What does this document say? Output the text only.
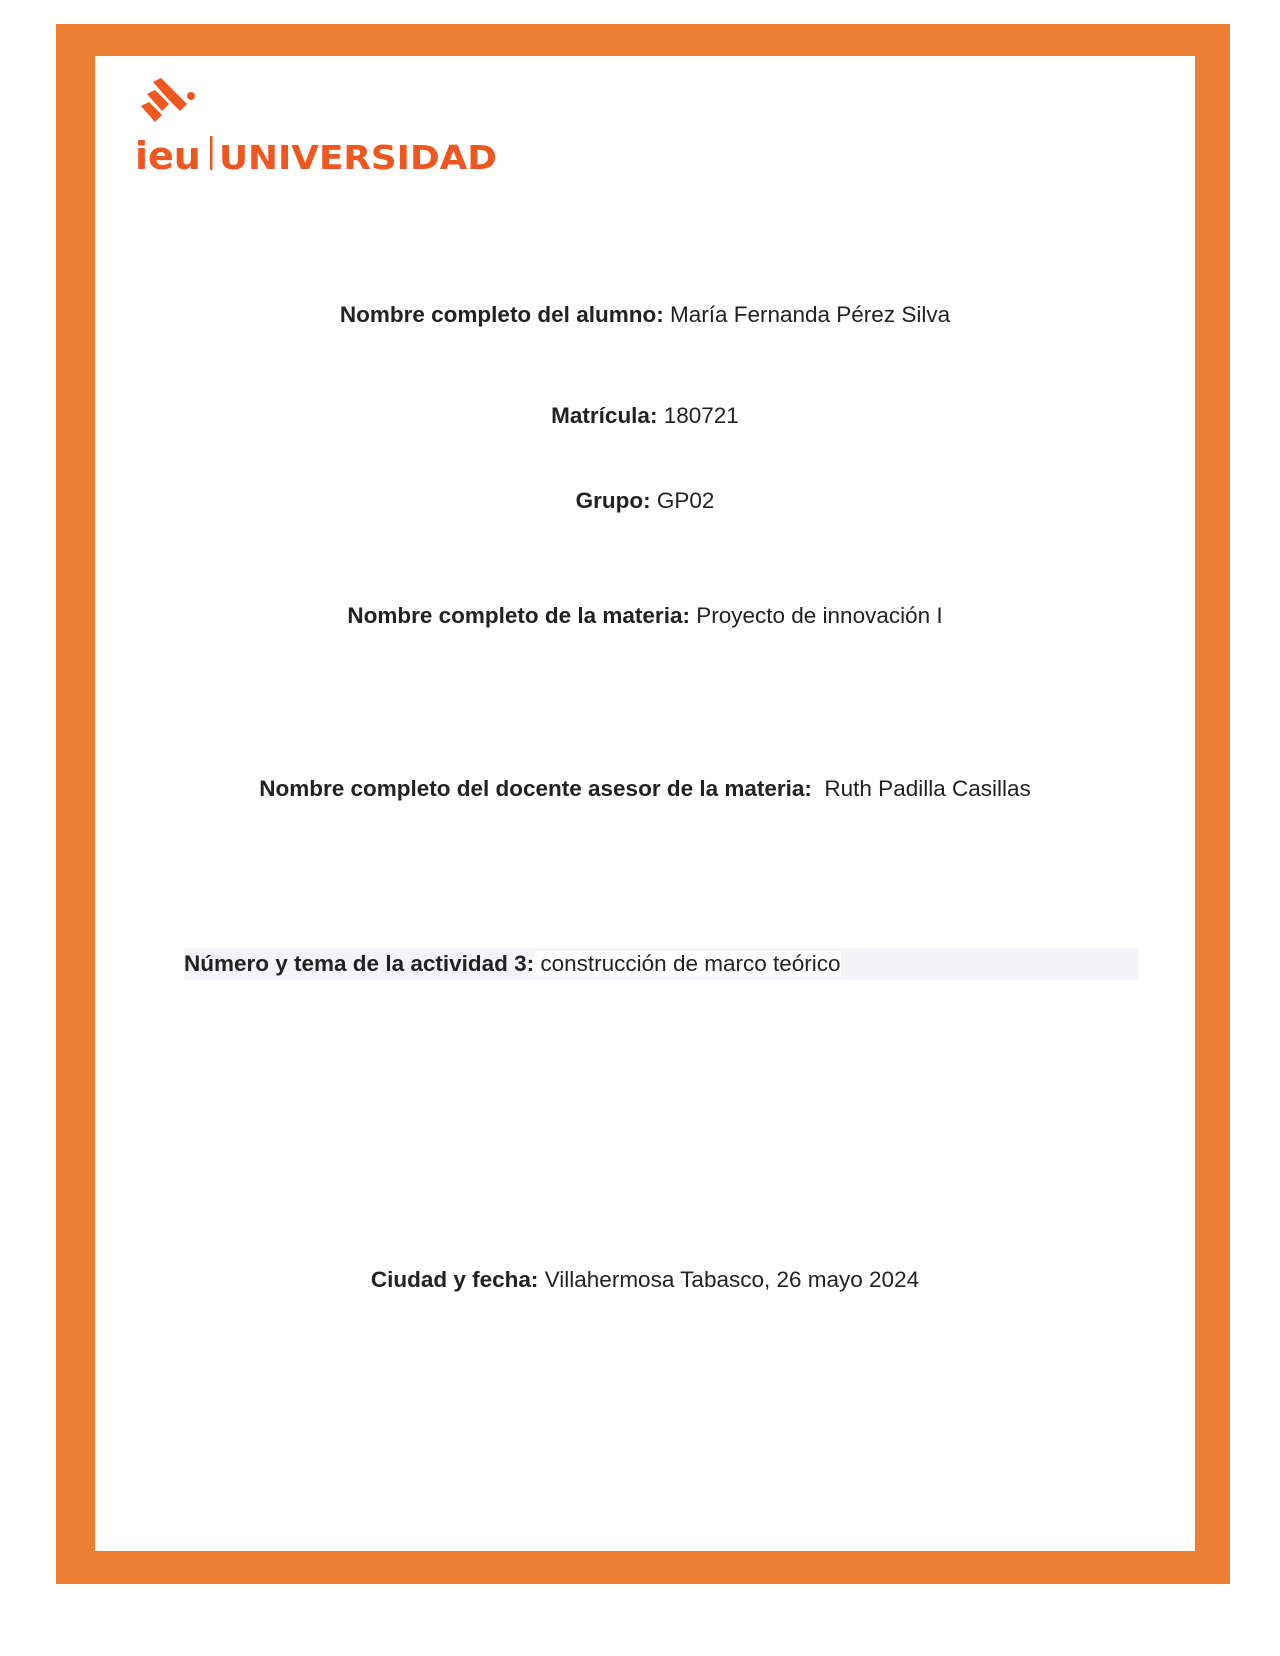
ieu UNIVERSIDAD
Nombre completo del alumno: María Fernanda Pérez Silva
Matrícula: 180721
Grupo: GP02
Nombre completo de la materia: Proyecto de innovación I
Nombre completo del docente asesor de la materia: Ruth Padilla Casillas
Número y tema de la actividad 3: construcción de marco teórico
Ciudad y fecha: Villahermosa Tabasco, 26 mayo 2024
